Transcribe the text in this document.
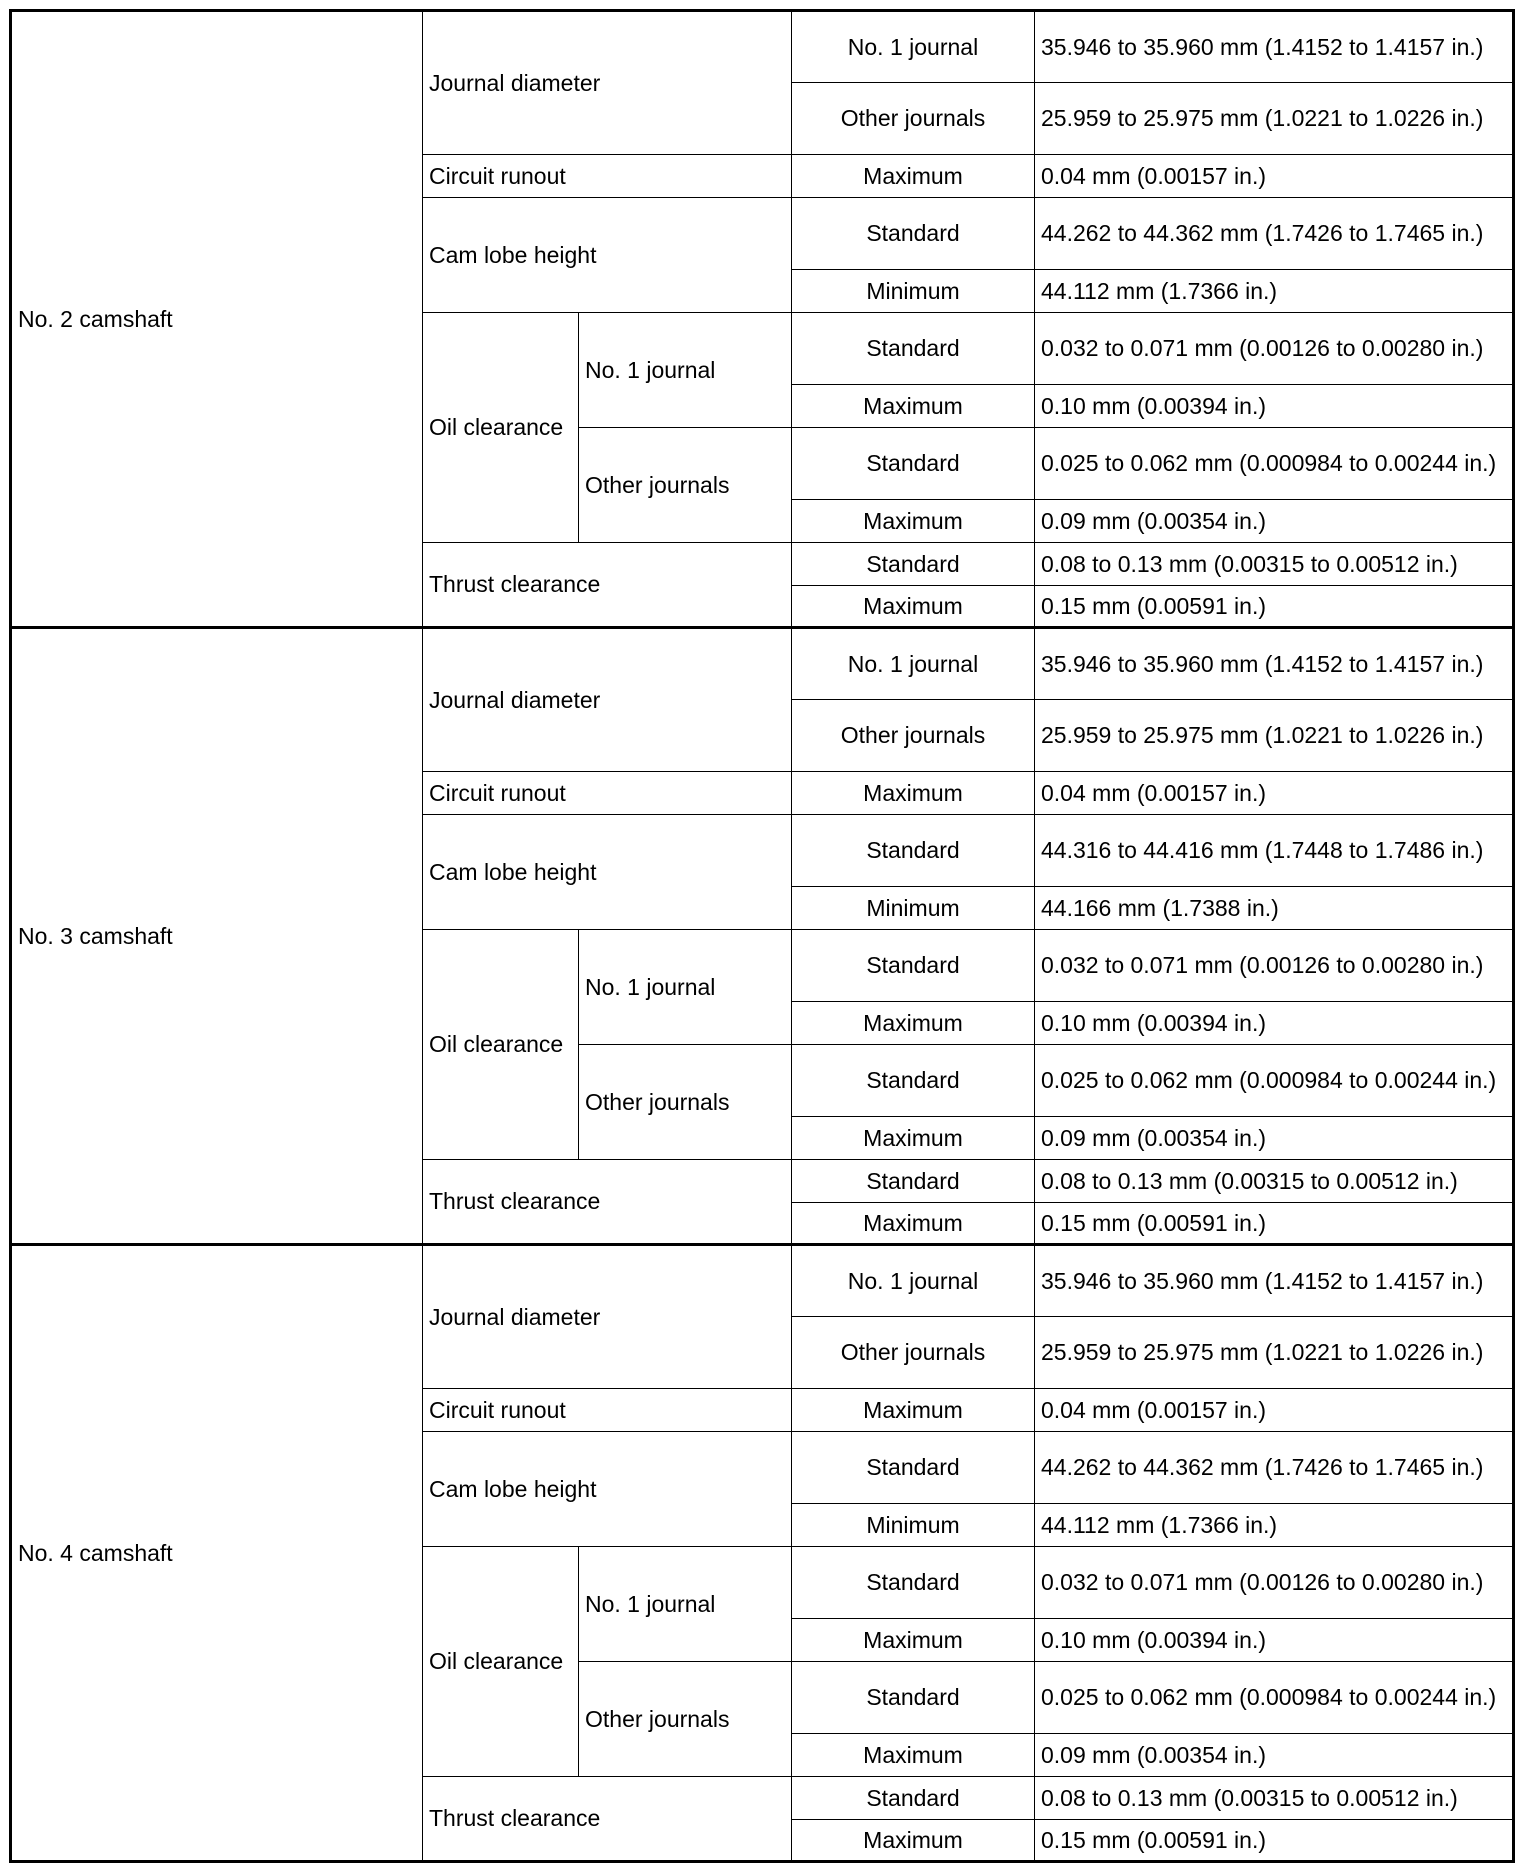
No. 2 camshaft	Journal diameter		No. 1 journal	35.946 to 35.960 mm (1.4152 to 1.4157 in.)
			Other journals	25.959 to 25.975 mm (1.0221 to 1.0226 in.)
	Circuit runout		Maximum	0.04 mm (0.00157 in.)
	Cam lobe height		Standard	44.262 to 44.362 mm (1.7426 to 1.7465 in.)
			Minimum	44.112 mm (1.7366 in.)
	Oil clearance	No. 1 journal	Standard	0.032 to 0.071 mm (0.00126 to 0.00280 in.)
			Maximum	0.10 mm (0.00394 in.)
		Other journals	Standard	0.025 to 0.062 mm (0.000984 to 0.00244 in.)
			Maximum	0.09 mm (0.00354 in.)
	Thrust clearance		Standard	0.08 to 0.13 mm (0.00315 to 0.00512 in.)
			Maximum	0.15 mm (0.00591 in.)
No. 3 camshaft	Journal diameter		No. 1 journal	35.946 to 35.960 mm (1.4152 to 1.4157 in.)
			Other journals	25.959 to 25.975 mm (1.0221 to 1.0226 in.)
	Circuit runout		Maximum	0.04 mm (0.00157 in.)
	Cam lobe height		Standard	44.316 to 44.416 mm (1.7448 to 1.7486 in.)
			Minimum	44.166 mm (1.7388 in.)
	Oil clearance	No. 1 journal	Standard	0.032 to 0.071 mm (0.00126 to 0.00280 in.)
			Maximum	0.10 mm (0.00394 in.)
		Other journals	Standard	0.025 to 0.062 mm (0.000984 to 0.00244 in.)
			Maximum	0.09 mm (0.00354 in.)
	Thrust clearance		Standard	0.08 to 0.13 mm (0.00315 to 0.00512 in.)
			Maximum	0.15 mm (0.00591 in.)
No. 4 camshaft	Journal diameter		No. 1 journal	35.946 to 35.960 mm (1.4152 to 1.4157 in.)
			Other journals	25.959 to 25.975 mm (1.0221 to 1.0226 in.)
	Circuit runout		Maximum	0.04 mm (0.00157 in.)
	Cam lobe height		Standard	44.262 to 44.362 mm (1.7426 to 1.7465 in.)
			Minimum	44.112 mm (1.7366 in.)
	Oil clearance	No. 1 journal	Standard	0.032 to 0.071 mm (0.00126 to 0.00280 in.)
			Maximum	0.10 mm (0.00394 in.)
		Other journals	Standard	0.025 to 0.062 mm (0.000984 to 0.00244 in.)
			Maximum	0.09 mm (0.00354 in.)
	Thrust clearance		Standard	0.08 to 0.13 mm (0.00315 to 0.00512 in.)
			Maximum	0.15 mm (0.00591 in.)
